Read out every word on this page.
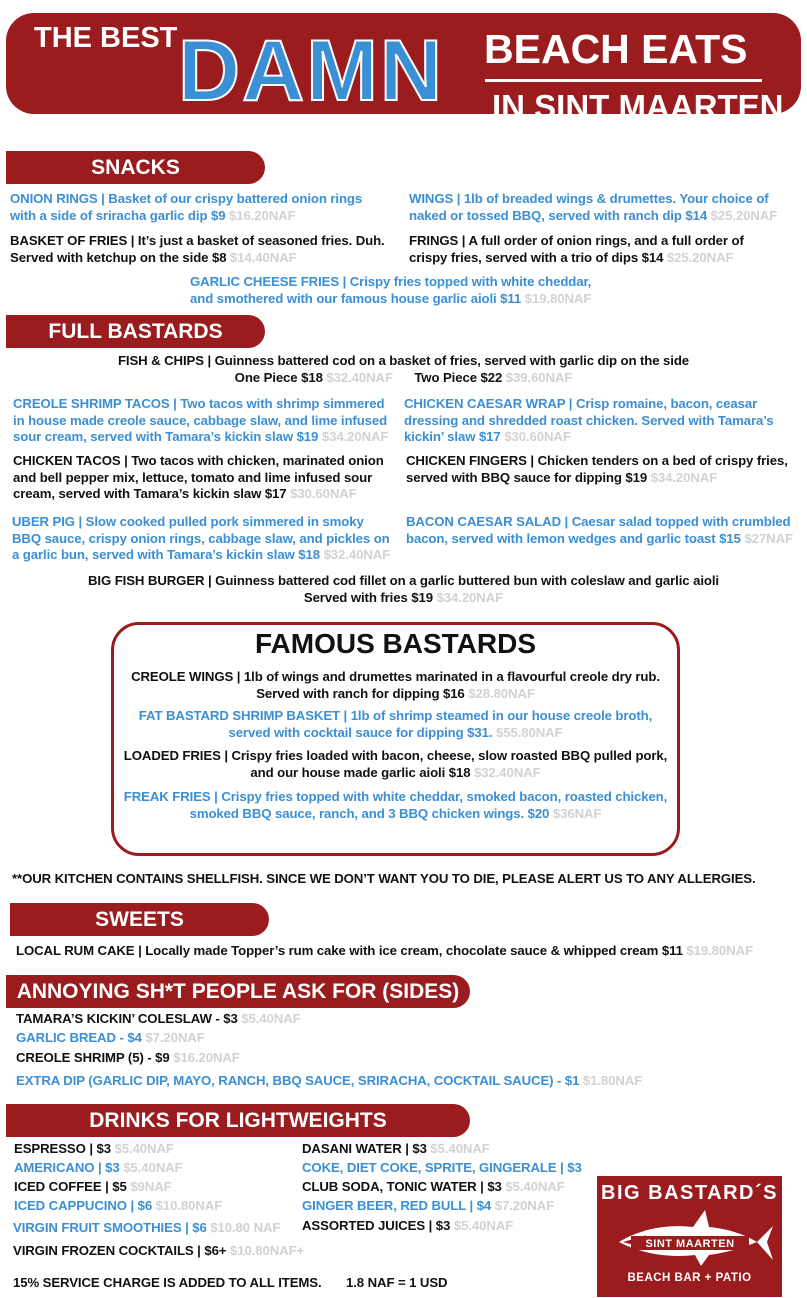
THE BEST DAMN BEACH EATS
IN SINT MAARTEN
SNACKS
ONION RINGS | Basket of our crispy battered onion rings
with a side of sriracha garlic dip $9 $16.20NAF
WINGS | 1lb of breaded wings & drumettes. Your choice of
naked or tossed BBQ, served with ranch dip $14 $25.20NAF
BASKET OF FRIES | It’s just a basket of seasoned fries. Duh.
Served with ketchup on the side $8 $14.40NAF
FRINGS | A full order of onion rings, and a full order of
crispy fries, served with a trio of dips $14 $25.20NAF
GARLIC CHEESE FRIES | Crispy fries topped with white cheddar,
and smothered with our famous house garlic aioli $11 $19.80NAF
FULL BASTARDS
FISH & CHIPS | Guinness battered cod on a basket of fries, served with garlic dip on the side
One Piece $18 $32.40NAF Two Piece $22 $39.60NAF
CREOLE SHRIMP TACOS | Two tacos with shrimp simmered
in house made creole sauce, cabbage slaw, and lime infused
sour cream, served with Tamara’s kickin slaw $19 $34.20NAF
CHICKEN CAESAR WRAP | Crisp romaine, bacon, ceasar
dressing and shredded roast chicken. Served with Tamara’s
kickin’ slaw $17 $30.60NAF
CHICKEN TACOS | Two tacos with chicken, marinated onion
and bell pepper mix, lettuce, tomato and lime infused sour
cream, served with Tamara’s kickin slaw $17 $30.60NAF
CHICKEN FINGERS | Chicken tenders on a bed of crispy fries,
served with BBQ sauce for dipping $19 $34.20NAF
UBER PIG | Slow cooked pulled pork simmered in smoky
BBQ sauce, crispy onion rings, cabbage slaw, and pickles on
a garlic bun, served with Tamara’s kickin slaw $18 $32.40NAF
BACON CAESAR SALAD | Caesar salad topped with crumbled
bacon, served with lemon wedges and garlic toast $15 $27NAF
BIG FISH BURGER | Guinness battered cod fillet on a garlic buttered bun with coleslaw and garlic aioli
Served with fries $19 $34.20NAF
FAMOUS BASTARDS
CREOLE WINGS | 1lb of wings and drumettes marinated in a flavourful creole dry rub.
Served with ranch for dipping $16 $28.80NAF
FAT BASTARD SHRIMP BASKET | 1lb of shrimp steamed in our house creole broth,
served with cocktail sauce for dipping $31. $55.80NAF
LOADED FRIES | Crispy fries loaded with bacon, cheese, slow roasted BBQ pulled pork,
and our house made garlic aioli $18 $32.40NAF
FREAK FRIES | Crispy fries topped with white cheddar, smoked bacon, roasted chicken,
smoked BBQ sauce, ranch, and 3 BBQ chicken wings. $20 $36NAF
**OUR KITCHEN CONTAINS SHELLFISH. SINCE WE DON’T WANT YOU TO DIE, PLEASE ALERT US TO ANY ALLERGIES.
SWEETS
LOCAL RUM CAKE | Locally made Topper’s rum cake with ice cream, chocolate sauce & whipped cream $11 $19.80NAF
ANNOYING SH*T PEOPLE ASK FOR (SIDES)
TAMARA’S KICKIN’ COLESLAW - $3 $5.40NAF
GARLIC BREAD - $4 $7.20NAF
CREOLE SHRIMP (5) - $9 $16.20NAF
EXTRA DIP (GARLIC DIP, MAYO, RANCH, BBQ SAUCE, SRIRACHA, COCKTAIL SAUCE) - $1 $1.80NAF
DRINKS FOR LIGHTWEIGHTS
ESPRESSO | $3 $5.40NAF
AMERICANO | $3 $5.40NAF
ICED COFFEE | $5 $9NAF
ICED CAPPUCINO | $6 $10.80NAF
VIRGIN FRUIT SMOOTHIES | $6 $10.80 NAF
VIRGIN FROZEN COCKTAILS | $6+ $10.80NAF+
DASANI WATER | $3 $5.40NAF
COKE, DIET COKE, SPRITE, GINGERALE | $3
CLUB SODA, TONIC WATER | $3 $5.40NAF
GINGER BEER, RED BULL | $4 $7.20NAF
ASSORTED JUICES | $3 $5.40NAF
15% SERVICE CHARGE IS ADDED TO ALL ITEMS. 1.8 NAF = 1 USD
SINT MAARTEN
BIG BASTARD´S
BEACH BAR + PATIO
